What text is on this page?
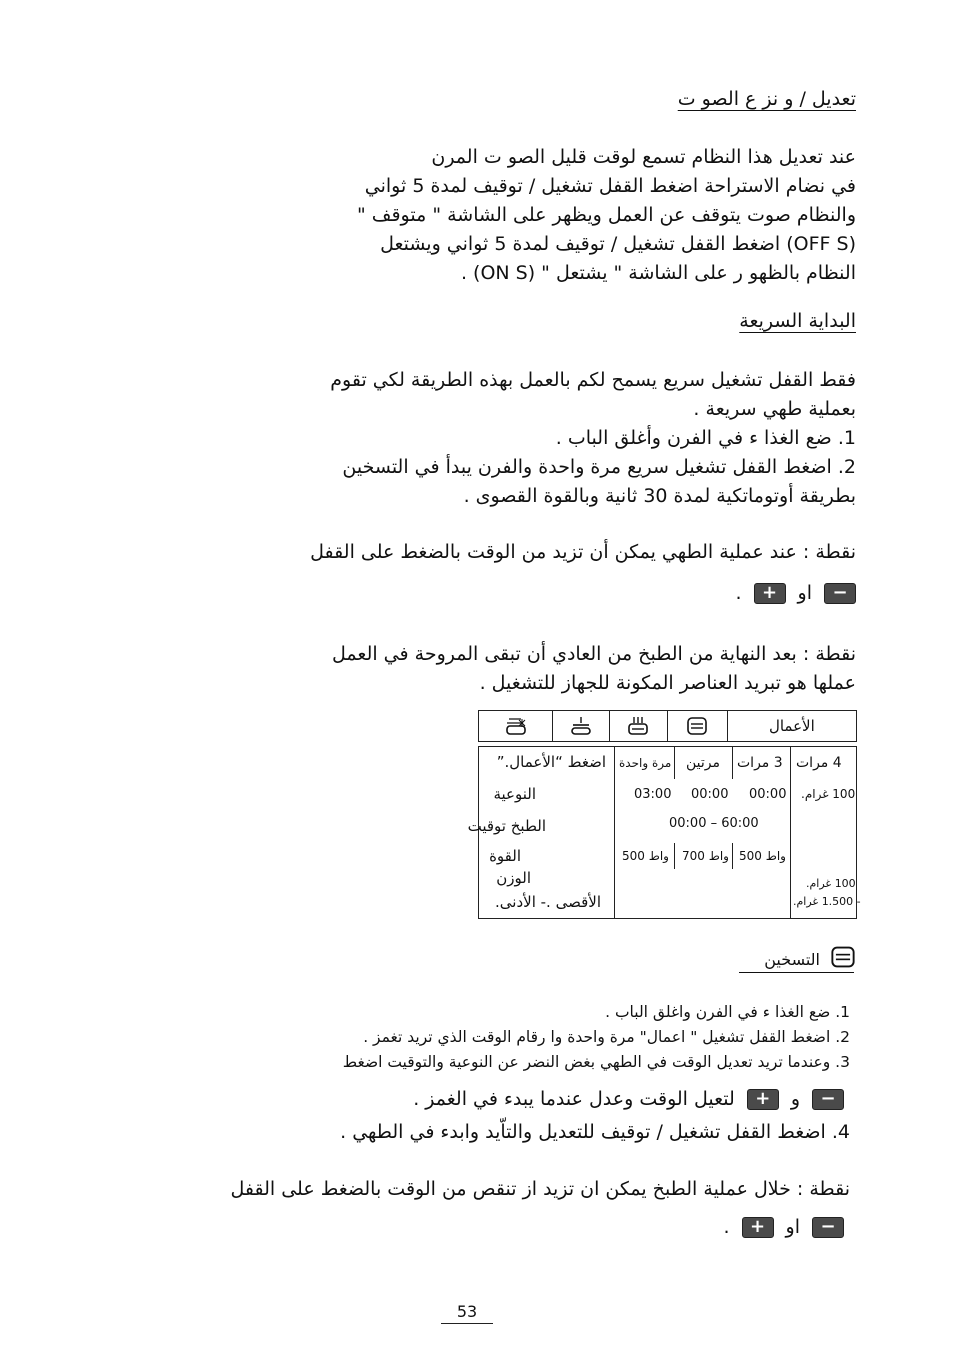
تعديل / و نز ع الصو ت
عند تعديل هذا النظام تسمع لوقت قليل الصو ت المرن
في نضام الاستراحة اضغط القفل تشغيل / توقيف لمدة 5 ثواني
والنظام صوت يتوقف عن العمل ويظهر على الشاشة " متوقف "
(OFF S) اضغط القفل تشغيل / توقيف لمدة 5 ثواني ويشتعل
النظام بالظهو ر على الشاشة " يشتعل " (ON S) .
البداية السريعة
فقط القفل تشغيل سريع يسمح لكم بالعمل بهذه الطريقة لكي تقوم
بعملية طهي سريعة .
1. ضع الغذا ء في الفرن وأغلق الباب .
2. اضغط القفل تشغيل سريع مرة واحدة والفرن يبدأ في التسخين
بطريقة أوتوماتكية لمدة 30 ثانية وبالقوة القصوى .
نقطة : عند عملية الطهي يمكن أن تزيد من الوقت بالضغط على القفل
−
او
+
.
نقطة : بعد النهاية من الطبخ من العادي أن تبقى المروحة في العمل
عملها هو تبريد العناصر المكونة للجهاز للتشغيل .
الأعمال
اضغط “الأعمال.”
النوعية
الطبخ توقيت
القوة
الوزن
الأقصى .- الأدنى.
مرة واحدة مرتين 3 مرات 4 مرات
03:00 00:00 00:00 100 غرام.
60:00 – 00:00
500 واط 700 واط 500 واط
100 غرام.
- 1.500 غرام.
التسخين
1. ضع الغذا ء في الفرن واغلق الباب .
2. اضغط القفل تشغيل " اعمال" مرة واحدة وا رقام الوقت الذي تريد تغمز .
3. وعندما تريد تعديل الوقت في الطهي بغض النضر عن النوعية والتوقيت اضغط
−
و
+
لتعيل الوقت وعدل عندما يبدء في الغمز .
4. اضغط القفل تشغيل / توقيف للتعديل والتاّيد وابدء في الطهي .
نقطة : خلال عملية الطبخ يمكن ان تزيد از تنقص من الوقت بالضغط على القفل
−
او
+
.
53
